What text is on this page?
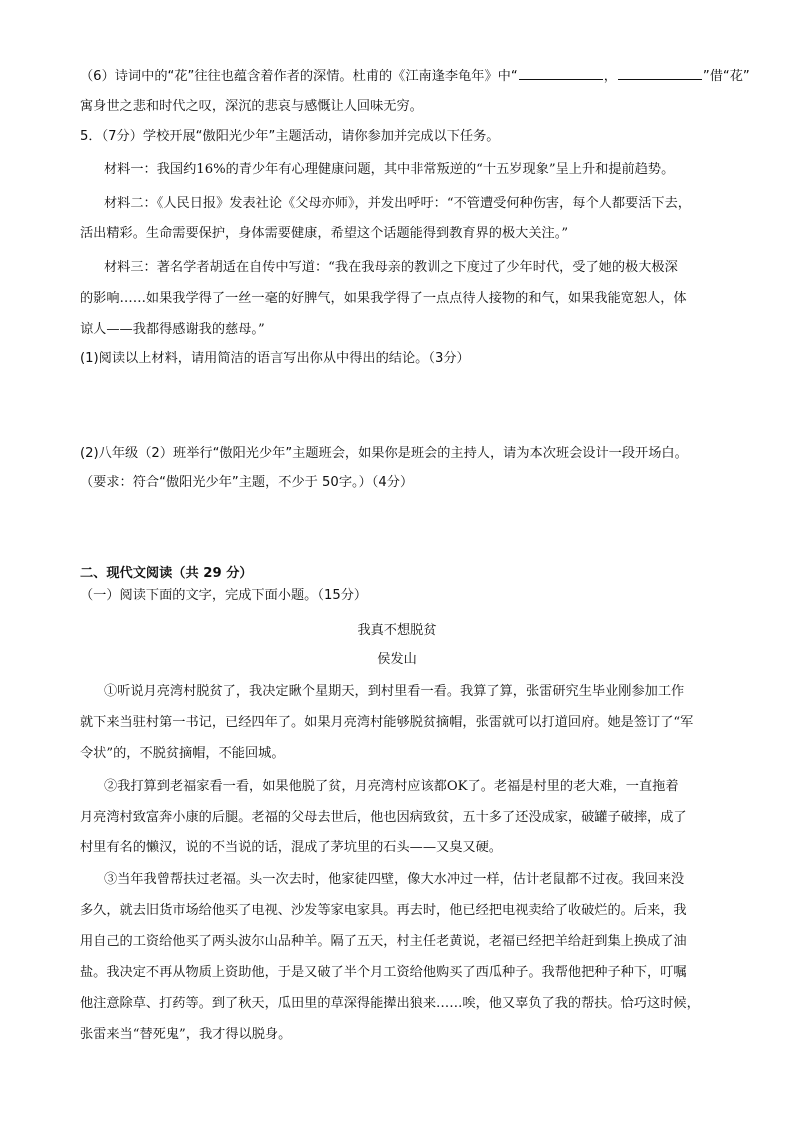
（6）诗词中的“花”往往也蕴含着作者的深情。杜甫的《江南逢李龟年》中“	，	”借“花”
寓身世之悲和时代之叹，深沉的悲哀与感慨让人回味无穷。
5．（7分）学校开展“傲阳光少年”主题活动，请你参加并完成以下任务。
材料一：我国约16%的青少年有心理健康问题，其中非常叛逆的“十五岁现象”呈上升和提前趋势。
材料二：《人民日报》发表社论《父母亦师》，并发出呼吁：“不管遭受何种伤害，每个人都要活下去，
活出精彩。生命需要保护，身体需要健康，希望这个话题能得到教育界的极大关注。”
材料三：著名学者胡适在自传中写道：“我在我母亲的教训之下度过了少年时代，受了她的极大极深
的影响……如果我学得了一丝一毫的好脾气，如果我学得了一点点待人接物的和气，如果我能宽恕人，体
谅人——我都得感谢我的慈母。”
(1)阅读以上材料，请用简洁的语言写出你从中得出的结论。（3分）
(2)八年级（2）班举行“傲阳光少年”主题班会，如果你是班会的主持人，请为本次班会设计一段开场白。
（要求：符合“傲阳光少年”主题，不少于 50字。）（4分）
二、现代文阅读（共 29 分）
（一）阅读下面的文字，完成下面小题。（15分）
我真不想脱贫
侯发山
①听说月亮湾村脱贫了，我决定瞅个星期天，到村里看一看。我算了算，张雷研究生毕业刚参加工作
就下来当驻村第一书记，已经四年了。如果月亮湾村能够脱贫摘帽，张雷就可以打道回府。她是签订了“军
令状”的，不脱贫摘帽，不能回城。
②我打算到老福家看一看，如果他脱了贫，月亮湾村应该都OK了。老福是村里的老大难，一直拖着
月亮湾村致富奔小康的后腿。老福的父母去世后，他也因病致贫，五十多了还没成家，破罐子破摔，成了
村里有名的懒汉，说的不当说的话，混成了茅坑里的石头——又臭又硬。
③当年我曾帮扶过老福。头一次去时，他家徒四壁，像大水冲过一样，估计老鼠都不过夜。我回来没
多久，就去旧货市场给他买了电视、沙发等家电家具。再去时，他已经把电视卖给了收破烂的。后来，我
用自己的工资给他买了两头波尔山品种羊。隔了五天，村主任老黄说，老福已经把羊给赶到集上换成了油
盐。我决定不再从物质上资助他，于是又破了半个月工资给他购买了西瓜种子。我帮他把种子种下，叮嘱
他注意除草、打药等。到了秋天，瓜田里的草深得能撵出狼来……唉，他又辜负了我的帮扶。恰巧这时候，
张雷来当“替死鬼”，我才得以脱身。
